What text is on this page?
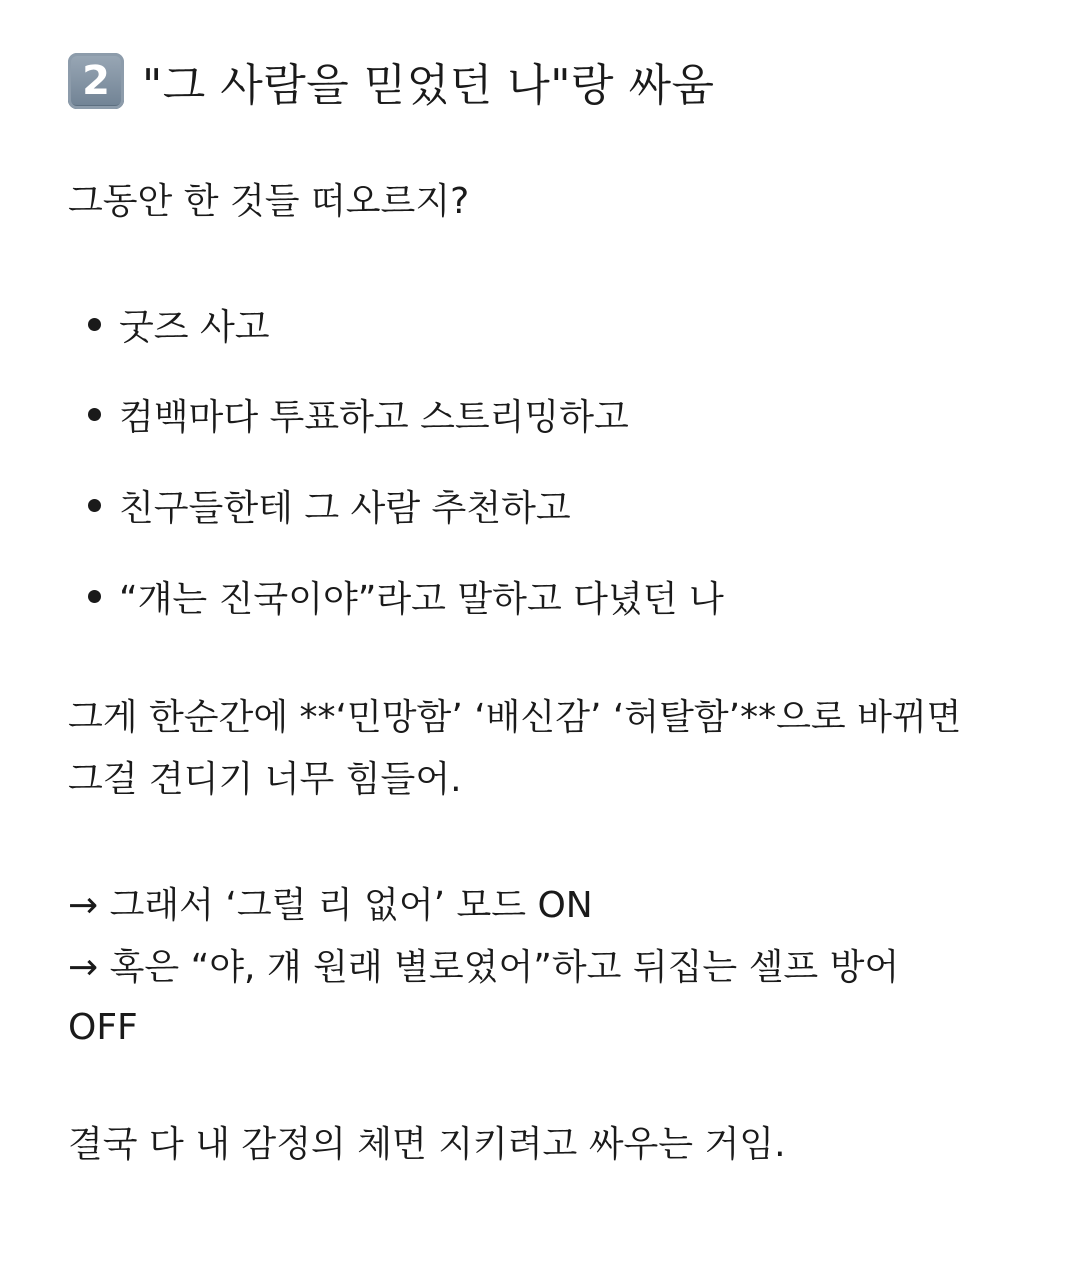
2 "그 사람을 믿었던 나"랑 싸움
그동안 한 것들 떠오르지?
굿즈 사고
컴백마다 투표하고 스트리밍하고
친구들한테 그 사람 추천하고
“걔는 진국이야”라고 말하고 다녔던 나
그게 한순간에 **‘민망함’ ‘배신감’ ‘허탈함’**으로 바뀌면
그걸 견디기 너무 힘들어.
→ 그래서 ‘그럴 리 없어’ 모드 ON
→ 혹은 “야, 걔 원래 별로였어”하고 뒤집는 셀프 방어
OFF
결국 다 내 감정의 체면 지키려고 싸우는 거임.
